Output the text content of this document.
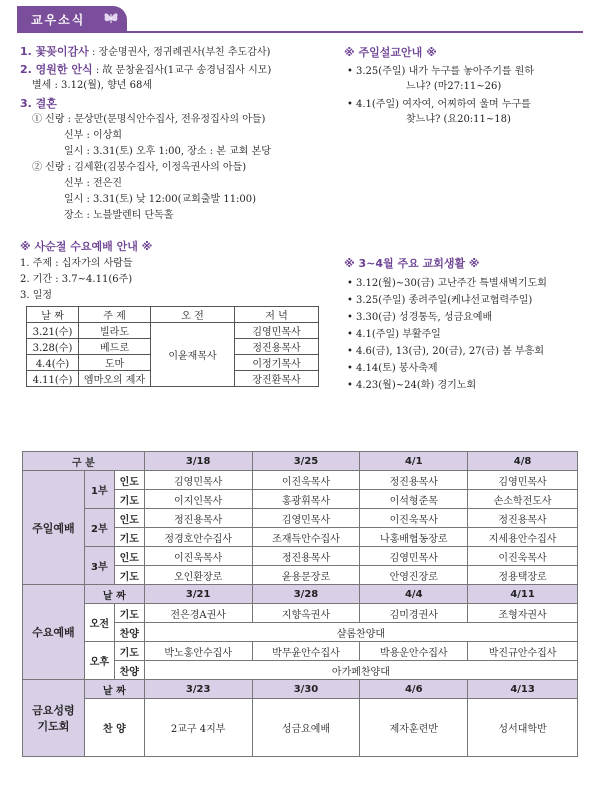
교우소식
1. 꽃꽂이감사 : 장순명권사, 정귀례권사(부친 추도감사)
2. 영원한 안식 : 故 문창윤집사(1교구 송경님집사 시모)
별세 : 3.12(월), 향년 68세
3. 결혼
① 신랑 : 문상만(문명식안수집사, 전유정집사의 아들)
신부 : 이상희
일시 : 3.31(토) 오후 1:00, 장소 : 본 교회 본당
② 신랑 : 김세환(김봉수집사, 이정옥권사의 아들)
신부 : 전은진
일시 : 3.31(토) 낮 12:00(교회출발 11:00)
장소 : 노블발렌티 단독홀
※ 사순절 수요예배 안내 ※
1. 주제 : 십자가의 사람들
2. 기간 : 3.7~4.11(6주)
3. 일정
날 짜	주 제	오 전	저 녁
3.21(수)	빌라도	이윤재목사	김영민목사
3.28(수)	베드로		정진용목사
4.4(수)	도마		이정기목사
4.11(수)	엠마오의 제자		장진환목사
※ 주일설교안내 ※
• 3.25(주일) 내가 누구를 놓아주기를 원하
느냐? (마27:11~26)
• 4.1(주일) 여자여, 어찌하여 울며 누구를
찾느냐? (요20:11~18)
※ 3~4월 주요 교회생활 ※
• 3.12(월)~30(금) 고난주간 특별새벽기도회
• 3.25(주일) 종려주일(케냐선교협력주일)
• 3.30(금) 성경통독, 성금요예배
• 4.1(주일) 부활주일
• 4.6(금), 13(금), 20(금), 27(금) 봄 부흥회
• 4.14(토) 봉사축제
• 4.23(월)~24(화) 경기노회
구 분			3/18	3/25	4/1	4/8
주일예배	1부	인도	김영민목사	이진욱목사	정진용목사	김영민목사
		기도	이지인목사	홍광휘목사	이석형준목	손소학전도사
	2부	인도	정진용목사	김영민목사	이진욱목사	정진용목사
		기도	정경호안수집사	조재득안수집사	나홍배협동장로	지세용안수집사
	3부	인도	이진욱목사	정진용목사	김영민목사	이진욱목사
		기도	오인환장로	윤용문장로	안영진장로	정용택장로
수요예배	날 짜		3/21	3/28	4/4	4/11
	오전	기도	전은경A권사	지향옥권사	김미경권사	조형자권사
		찬양	샬롬찬양대			
	오후	기도	박노홍안수집사	박무윤안수집사	박용운안수집사	박진규안수집사
		찬양	아가페찬양대			

금요성령
기도회	날 짜		3/23	3/30	4/6	4/13
	찬 양		2교구 4지부	성금요예배	제자훈련반	성서대학반
